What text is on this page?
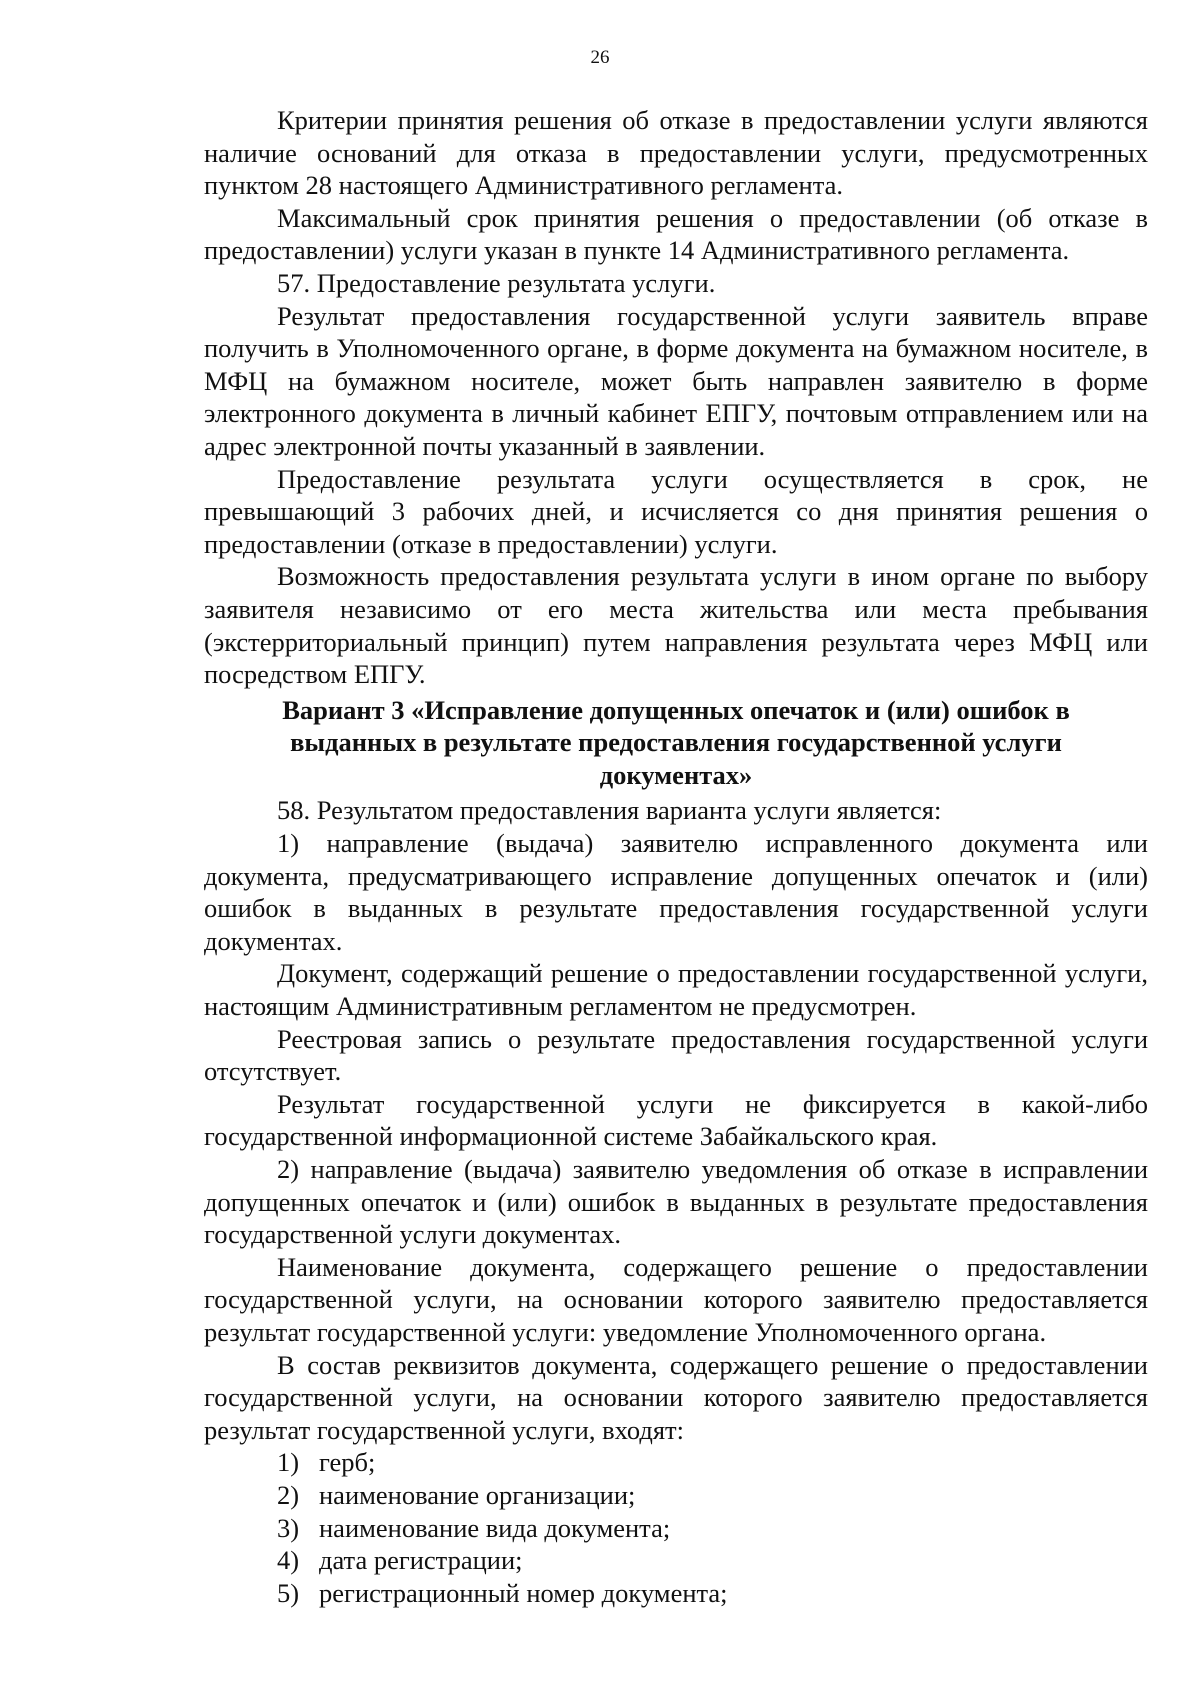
26

Критерии принятия решения об отказе в предоставлении услуги являются наличие оснований для отказа в предоставлении услуги, предусмотренных пунктом 28 настоящего Административного регламента.

Максимальный срок принятия решения о предоставлении (об отказе в предоставлении) услуги указан в пункте 14 Административного регламента.

57. Предоставление результата услуги.

Результат предоставления государственной услуги заявитель вправе получить в Уполномоченного органе, в форме документа на бумажном носителе, в МФЦ на бумажном носителе, может быть направлен заявителю в форме электронного документа в личный кабинет ЕПГУ, почтовым отправлением или на адрес электронной почты указанный в заявлении.

Предоставление результата услуги осуществляется в срок, не превышающий 3 рабочих дней, и исчисляется со дня принятия решения о предоставлении (отказе в предоставлении) услуги.

Возможность предоставления результата услуги в ином органе по выбору заявителя независимо от его места жительства или места пребывания (экстерриториальный принцип) путем направления результата через МФЦ или посредством ЕПГУ.

Вариант 3 «Исправление допущенных опечаток и (или) ошибок в выданных в результате предоставления государственной услуги документах»

58. Результатом предоставления варианта услуги является:

1) направление (выдача) заявителю исправленного документа или документа, предусматривающего исправление допущенных опечаток и (или) ошибок в выданных в результате предоставления государственной услуги документах.

Документ, содержащий решение о предоставлении государственной услуги, настоящим Административным регламентом не предусмотрен.

Реестровая запись о результате предоставления государственной услуги отсутствует.

Результат государственной услуги не фиксируется в какой-либо государственной информационной системе Забайкальского края.

2) направление (выдача) заявителю уведомления об отказе в исправлении допущенных опечаток и (или) ошибок в выданных в результате предоставления государственной услуги документах.

Наименование документа, содержащего решение о предоставлении государственной услуги, на основании которого заявителю предоставляется результат государственной услуги: уведомление Уполномоченного органа.

В состав реквизитов документа, содержащего решение о предоставлении государственной услуги, на основании которого заявителю предоставляется результат государственной услуги, входят:

1) герб;

2) наименование организации;

3) наименование вида документа;

4) дата регистрации;

5) регистрационный номер документа;
